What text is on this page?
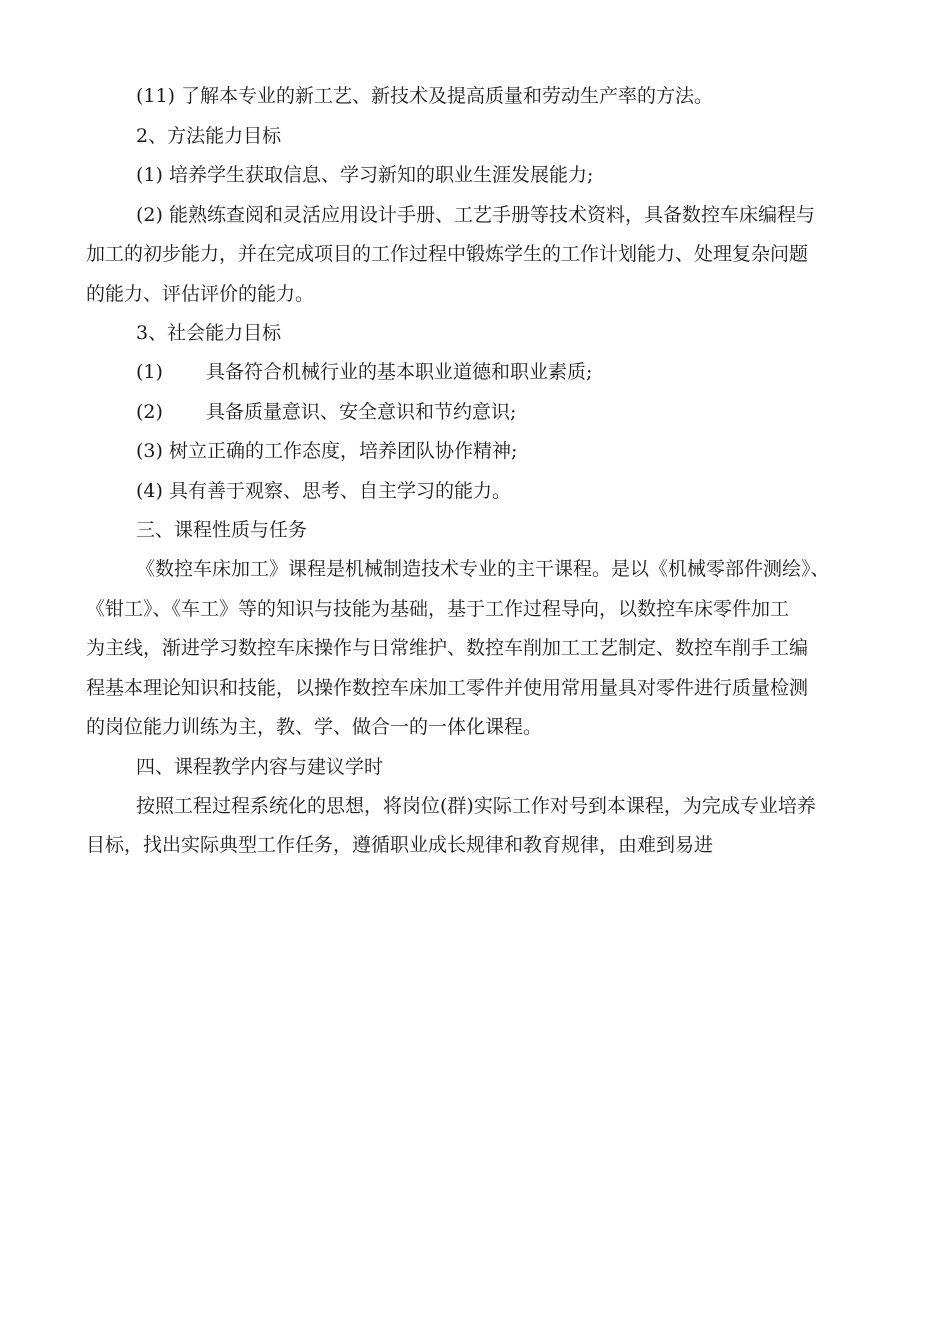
(11) 了解本专业的新工艺、新技术及提高质量和劳动生产率的方法。
2、方法能力目标
(1) 培养学生获取信息、学习新知的职业生涯发展能力;
(2) 能熟练查阅和灵活应用设计手册、工艺手册等技术资料，具备数控车床编程与
加工的初步能力，并在完成项目的工作过程中锻炼学生的工作计划能力、处理复杂问题
的能力、评估评价的能力。
3、社会能力目标
(1) 具备符合机械行业的基本职业道德和职业素质;
(2) 具备质量意识、安全意识和节约意识;
(3) 树立正确的工作态度，培养团队协作精神;
(4) 具有善于观察、思考、自主学习的能力。
三、课程性质与任务
《数控车床加工》课程是机械制造技术专业的主干课程。是以《机械零部件测绘》、
《钳工》、《车工》等的知识与技能为基础，基于工作过程导向，以数控车床零件加工
为主线，渐进学习数控车床操作与日常维护、数控车削加工工艺制定、数控车削手工编
程基本理论知识和技能，以操作数控车床加工零件并使用常用量具对零件进行质量检测
的岗位能力训练为主，教、学、做合一的一体化课程。
四、课程教学内容与建议学时
按照工程过程系统化的思想，将岗位(群)实际工作对号到本课程，为完成专业培养
目标，找出实际典型工作任务，遵循职业成长规律和教育规律，由难到易进
